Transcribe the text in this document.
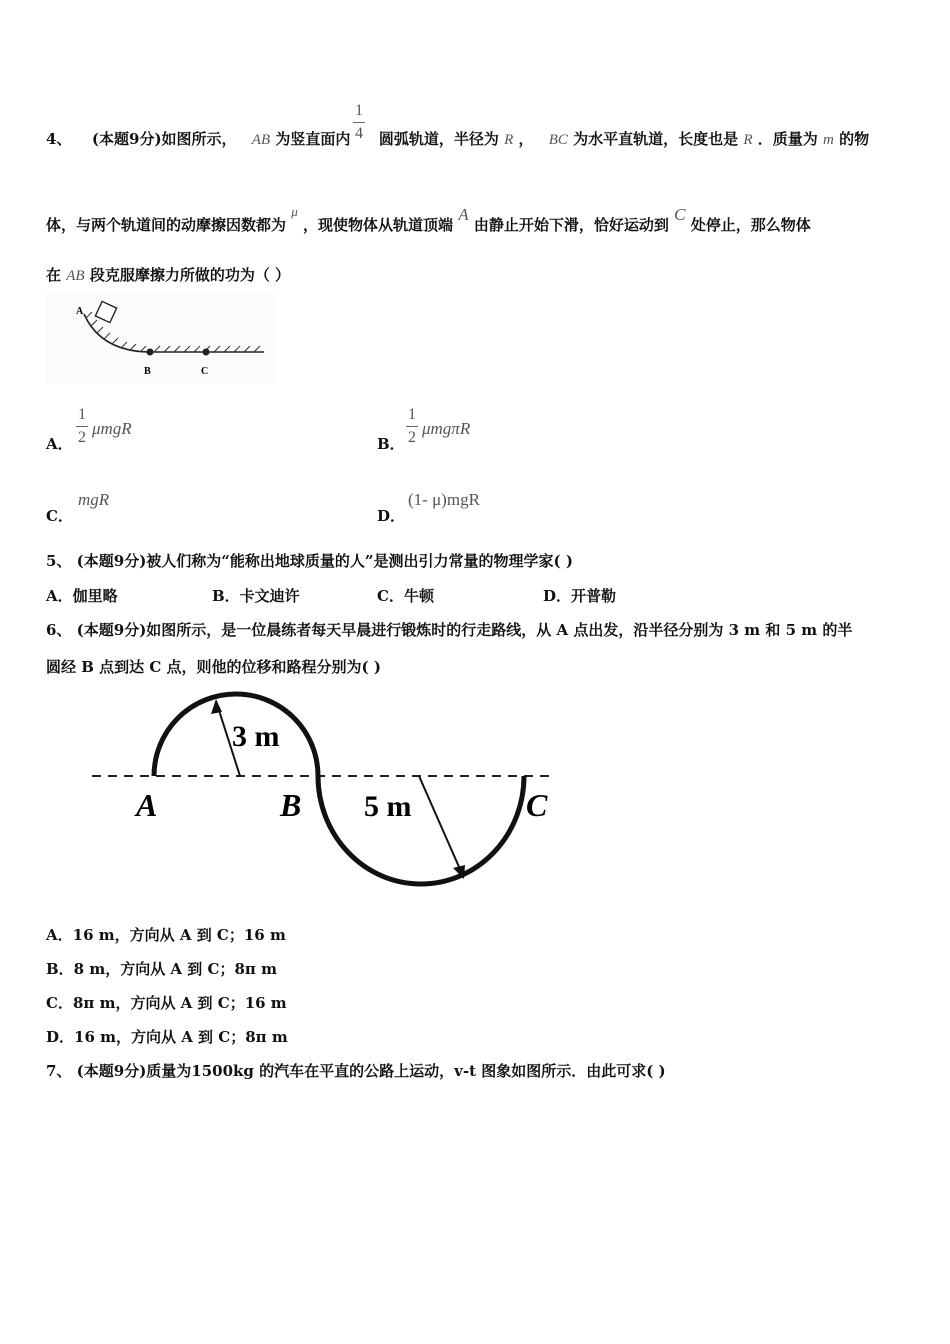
4、 (本题9分)如图所示， AB 为竖直面内 圆弧轨道，半径为 R ， BC 为水平直轨道，长度也是 R ．质量为 m 的物
1
4
体，与两个轨道间的动摩擦因数都为 μ ，现使物体从轨道顶端 A 由静止开始下滑，恰好运动到 C 处停止，那么物体
在 AB 段克服摩擦力所做的功为（ ）
A
B	C
A．
1
2 μmgR
B．
1
2 μmgπR
C．
mgR
D．
(1- μ)mgR
5、 (本题9分)被人们称为“能称出地球质量的人”是测出引力常量的物理学家( )
A．伽里略	B．卡文迪许	C．牛顿	D．开普勒
6、 (本题9分)如图所示，是一位晨练者每天早晨进行锻炼时的行走路线，从 A 点出发，沿半径分别为 3 m 和 5 m 的半
圆经 B 点到达 C 点，则他的位移和路程分别为( )
3 m
5 m
A	B	C
A．16 m，方向从 A 到 C；16 m
B．8 m，方向从 A 到 C；8π m
C．8π m，方向从 A 到 C；16 m
D．16 m，方向从 A 到 C；8π m
7、 (本题9分)质量为1500kg 的汽车在平直的公路上运动，v-t 图象如图所示．由此可求( )
